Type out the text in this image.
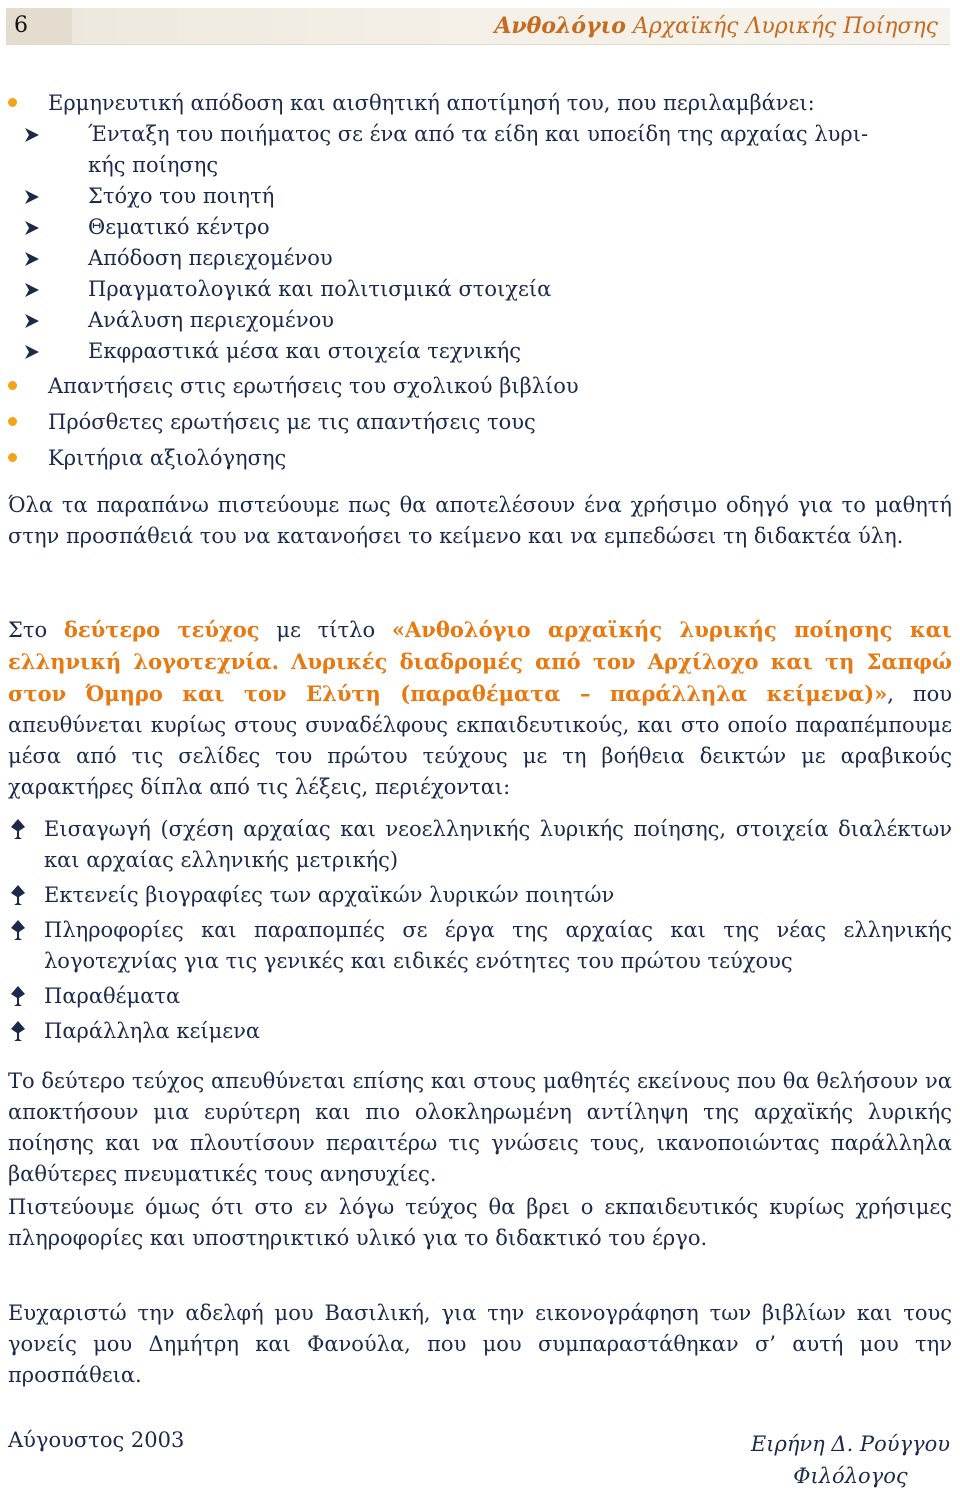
6	Ανθολόγιο Αρχαϊκής Λυρικής Ποίησης
Ερμηνευτική απόδοση και αισθητική αποτίμησή του, που περιλαμβάνει:
Ένταξη του ποιήματος σε ένα από τα είδη και υποείδη της αρχαίας λυρι-
κής ποίησης
Στόχο του ποιητή
Θεματικό κέντρο
Απόδοση περιεχομένου
Πραγματολογικά και πολιτισμικά στοιχεία
Ανάλυση περιεχομένου
Εκφραστικά μέσα και στοιχεία τεχνικής
Απαντήσεις στις ερωτήσεις του σχολικού βιβλίου
Πρόσθετες ερωτήσεις με τις απαντήσεις τους
Κριτήρια αξιολόγησης

Όλα τα παραπάνω πιστεύουμε πως θα αποτελέσουν ένα χρήσιμο οδηγό για το μαθητή στην προσπάθειά του να κατανοήσει το κείμενο και να εμπεδώσει τη διδακτέα ύλη.

Στο δεύτερο τεύχος με τίτλο «Ανθολόγιο αρχαϊκής λυρικής ποίησης και ελληνική λογοτεχνία. Λυρικές διαδρομές από τον Αρχίλοχο και τη Σαπφώ στον Όμηρο και τον Ελύτη (παραθέματα – παράλληλα κείμενα)», που απευθύνεται κυρίως στους συναδέλφους εκπαιδευτικούς, και στο οποίο παραπέμπουμε μέσα από τις σελίδες του πρώτου τεύχους με τη βοήθεια δεικτών με αραβικούς χαρακτήρες δίπλα από τις λέξεις, περιέχονται:

Εισαγωγή (σχέση αρχαίας και νεοελληνικής λυρικής ποίησης, στοιχεία διαλέκτων και αρχαίας ελληνικής μετρικής)

Εκτενείς βιογραφίες των αρχαϊκών λυρικών ποιητών

Πληροφορίες και παραπομπές σε έργα της αρχαίας και της νέας ελληνικής λογοτεχνίας για τις γενικές και ειδικές ενότητες του πρώτου τεύχους

Παραθέματα

Παράλληλα κείμενα

Το δεύτερο τεύχος απευθύνεται επίσης και στους μαθητές εκείνους που θα θελήσουν να αποκτήσουν μια ευρύτερη και πιο ολοκληρωμένη αντίληψη της αρχαϊκής λυρικής ποίησης και να πλουτίσουν περαιτέρω τις γνώσεις τους, ικανοποιώντας παράλληλα βαθύτερες πνευματικές τους ανησυχίες.

Πιστεύουμε όμως ότι στο εν λόγω τεύχος θα βρει ο εκπαιδευτικός κυρίως χρήσιμες πληροφορίες και υποστηρικτικό υλικό για το διδακτικό του έργο.

Ευχαριστώ την αδελφή μου Βασιλική, για την εικονογράφηση των βιβλίων και τους γονείς μου Δημήτρη και Φανούλα, που μου συμπαραστάθηκαν σ’ αυτή μου την προσπάθεια.

Αύγουστος 2003	Ειρήνη Δ. Ρούγγου
Φιλόλογος
